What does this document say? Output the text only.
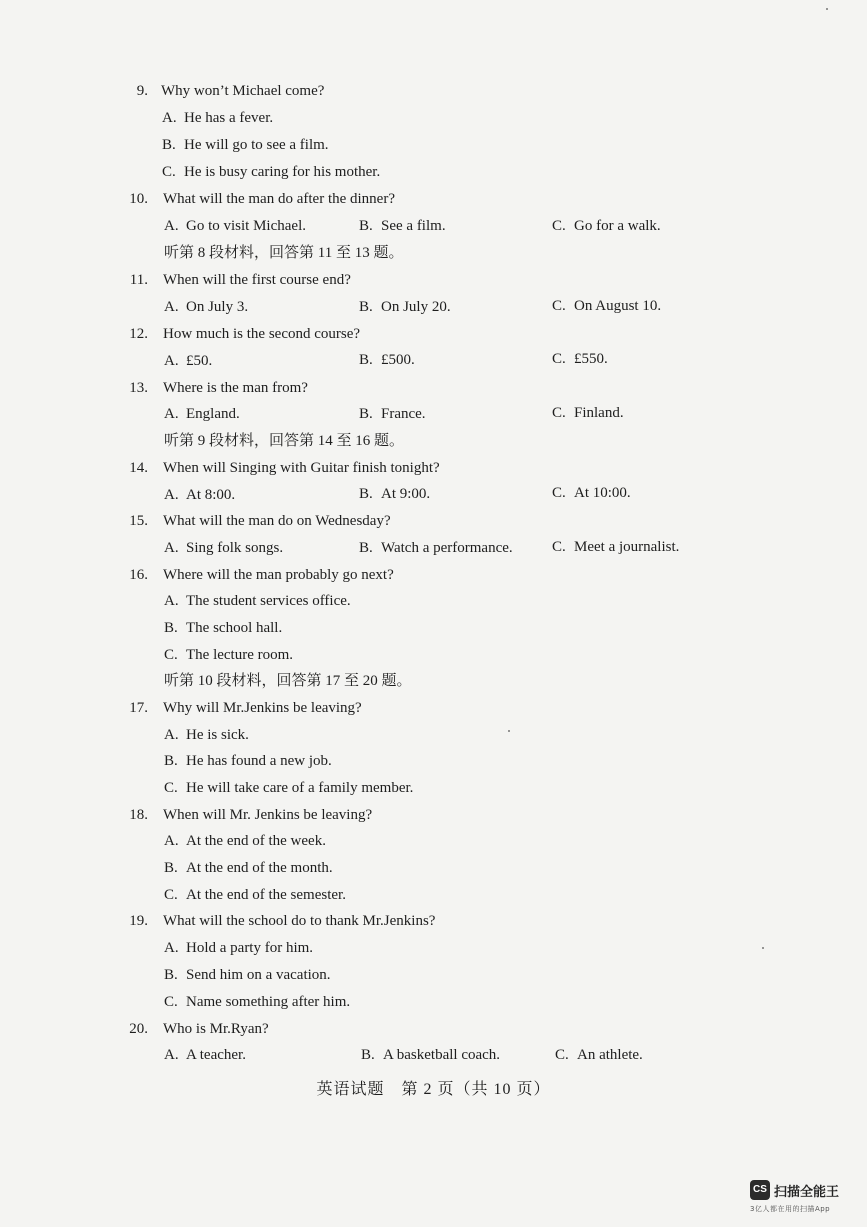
9. Why won’t Michael come?
A. He has a fever.
B. He will go to see a film.
C. He is busy caring for his mother.
10. What will the man do after the dinner?
A. Go to visit Michael.	B. See a film.	C. Go for a walk.
听第 8 段材料，回答第 11 至 13 题。
11. When will the first course end?
A. On July 3.	B. On July 20.	C. On August 10.
12. How much is the second course?
A. £50.	B. £500.	C. £550.
13. Where is the man from?
A. England.	B. France.	C. Finland.
听第 9 段材料，回答第 14 至 16 题。
14. When will Singing with Guitar finish tonight?
A. At 8:00.	B. At 9:00.	C. At 10:00.
15. What will the man do on Wednesday?
A. Sing folk songs.	B. Watch a performance.	C. Meet a journalist.
16. Where will the man probably go next?
A. The student services office.
B. The school hall.
C. The lecture room.
听第 10 段材料，回答第 17 至 20 题。
17. Why will Mr.Jenkins be leaving?
A. He is sick.
B. He has found a new job.
C. He will take care of a family member.
18. When will Mr. Jenkins be leaving?
A. At the end of the week.
B. At the end of the month.
C. At the end of the semester.
19. What will the school do to thank Mr.Jenkins?
A. Hold a party for him.
B. Send him on a vacation.
C. Name something after him.
20. Who is Mr.Ryan?
A. A teacher.	B. A basketball coach.	C. An athlete.
英语试题　第 2 页（共 10 页）
CS 扫描全能王
3亿人都在用的扫描App
